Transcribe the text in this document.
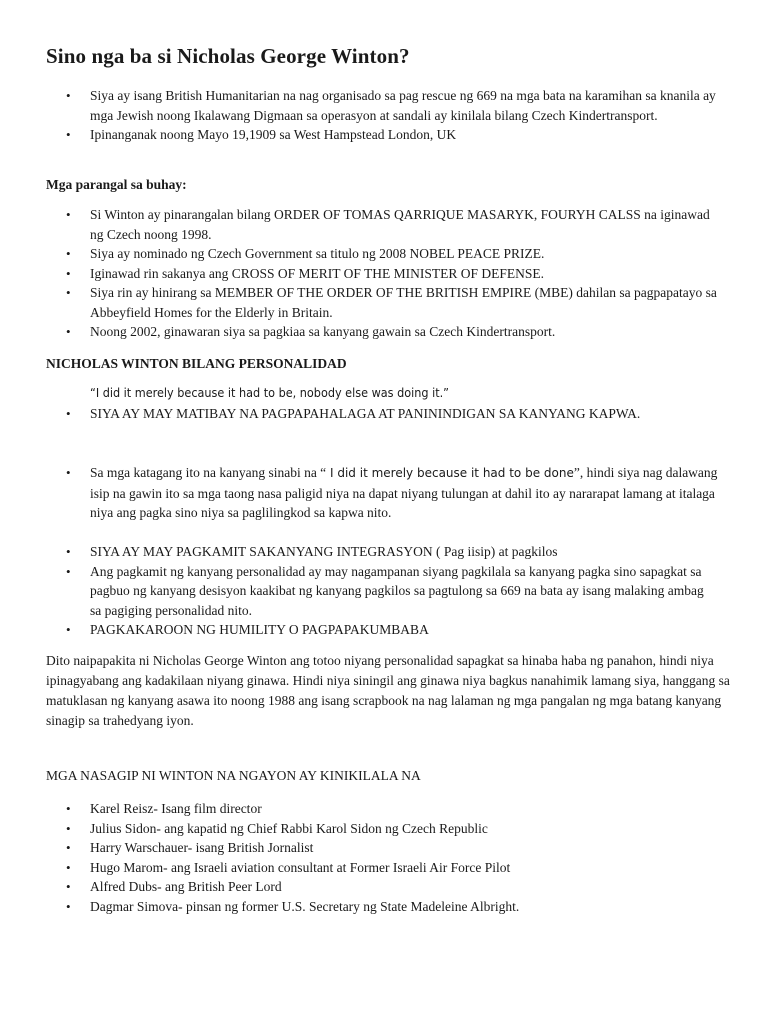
Sino nga ba si Nicholas George Winton?
• Siya ay isang British Humanitarian na nag organisado sa pag rescue ng 669 na mga bata na karamihan sa knanila ay mga Jewish noong Ikalawang Digmaan sa operasyon at sandali ay kinilala bilang Czech Kindertransport.
• Ipinanganak noong Mayo 19,1909 sa West Hampstead London, UK

Mga parangal sa buhay:

• Si Winton ay pinarangalan bilang ORDER OF TOMAS QARRIQUE MASARYK, FOURYH CALSS na iginawad ng Czech noong 1998.
• Siya ay nominado ng Czech Government sa titulo ng 2008 NOBEL PEACE PRIZE.
• Iginawad rin sakanya ang CROSS OF MERIT OF THE MINISTER OF DEFENSE.
• Siya rin ay hinirang sa MEMBER OF THE ORDER OF THE BRITISH EMPIRE (MBE) dahilan sa pagpapatayo sa Abbeyfield Homes for the Elderly in Britain.
• Noong 2002, ginawaran siya sa pagkiaa sa kanyang gawain sa Czech Kindertransport.

NICHOLAS WINTON BILANG PERSONALIDAD

“I did it merely because it had to be, nobody else was doing it.”

• SIYA AY MAY MATIBAY NA PAGPAPAHALAGA AT PANININDIGAN SA KANYANG KAPWA.
• Sa mga katagang ito na kanyang sinabi na “ I did it merely because it had to be done”, hindi siya nag dalawang isip na gawin ito sa mga taong nasa paligid niya na dapat niyang tulungan at dahil ito ay nararapat lamang at italaga niya ang pagka sino niya sa paglilingkod sa kapwa nito.
• SIYA AY MAY PAGKAMIT SAKANYANG INTEGRASYON ( Pag iisip) at pagkilos
• Ang pagkamit ng kanyang personalidad ay may nagampanan siyang pagkilala sa kanyang pagka sino sapagkat sa pagbuo ng kanyang desisyon kaakibat ng kanyang pagkilos sa pagtulong sa 669 na bata ay isang malaking ambag sa pagiging personalidad nito.
• PAGKAKAROON NG HUMILITY O PAGPAPAKUMBABA

Dito naipapakita ni Nicholas George Winton ang totoo niyang personalidad sapagkat sa hinaba haba ng panahon, hindi niya ipinagyabang ang kadakilaan niyang ginawa. Hindi niya siningil ang ginawa niya bagkus nanahimik lamang siya, hanggang sa matuklasan ng kanyang asawa ito noong 1988 ang isang scrapbook na nag lalaman ng mga pangalan ng mga batang kanyang sinagip sa trahedyang iyon.

MGA NASAGIP NI WINTON NA NGAYON AY KINIKILALA NA

• Karel Reisz- Isang film director
• Julius Sidon- ang kapatid ng Chief Rabbi Karol Sidon ng Czech Republic
• Harry Warschauer- isang British Jornalist
• Hugo Marom- ang Israeli aviation consultant at Former Israeli Air Force Pilot
• Alfred Dubs- ang British Peer Lord
• Dagmar Simova- pinsan ng former U.S. Secretary ng State Madeleine Albright.
